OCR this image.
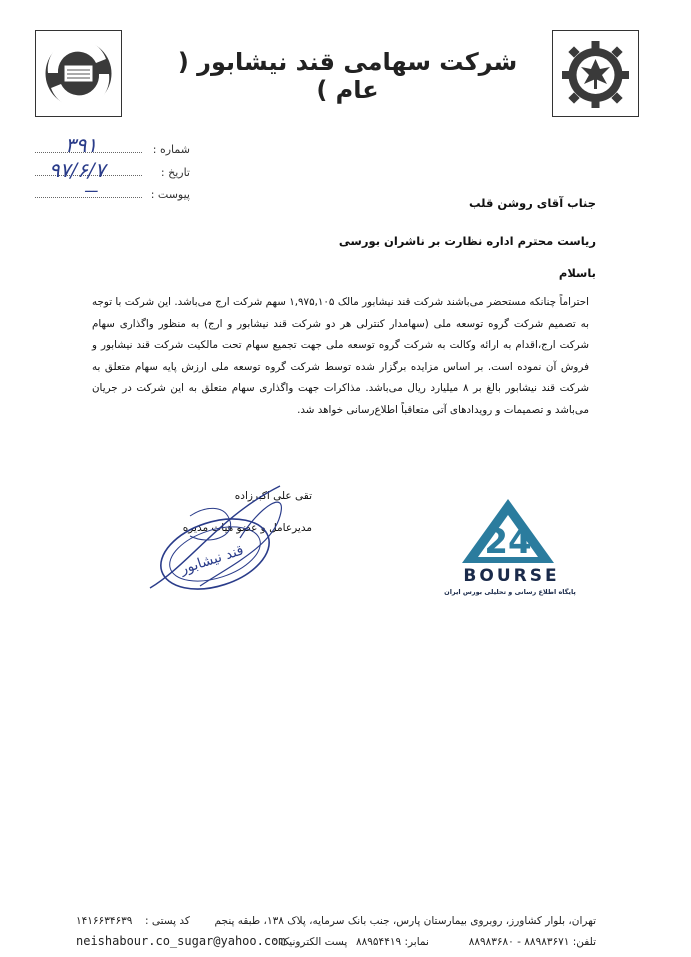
شرکت سهامی قند نیشابور ( عام )
شماره :
۳۹۱
تاریخ :
۹۷/۶/۷
پیوست :
ـــ
جناب آقای روشن قلب
ریاست محترم اداره نظارت بر ناشران بورسی
باسلام
احتراماً چنانکه مستحضر می‌باشند شرکت قند نیشابور مالک ۱,۹۷۵,۱۰۵ سهم شرکت ارج می‌باشد. این شرکت با توجه به تصمیم شرکت گروه توسعه ملی (سهامدار کنترلی هر دو شرکت قند نیشابور و ارج) به منظور واگذاری سهام شرکت ارج،اقدام به ارائه وکالت به شرکت گروه توسعه ملی جهت تجمیع سهام تحت مالکیت شرکت قند نیشابور و فروش آن نموده است. بر اساس مزایده برگزار شده توسط شرکت گروه توسعه ملی ارزش پایه سهام متعلق به شرکت قند نیشابور بالغ بر ۸ میلیارد ریال می‌باشد. مذاکرات جهت واگذاری سهام متعلق به این شرکت در جریان می‌باشد و تصمیمات و رویدادهای آتی متعاقباً اطلاع‌رسانی خواهد شد.
تقی علی اکبرزاده
مدیرعامل و عضو هیات مدیره
قند نیشابور	24
BOURSE
پایگاه اطلاع رسانی و تحلیلی بورس ایران
تهران، بلوار کشاورز، روبروی بیمارستان پارس، جنب بانک سرمایه، پلاک ۱۳۸، طبقه پنجم
کد پستی :
۱۴۱۶۶۳۴۶۳۹
تلفن: ۸۸۹۸۳۶۷۱ - ۸۸۹۸۳۶۸۰
نمابر: ۸۸۹۵۴۴۱۹
پست الکترونیک :
neishabour.co_sugar@yahoo.com
